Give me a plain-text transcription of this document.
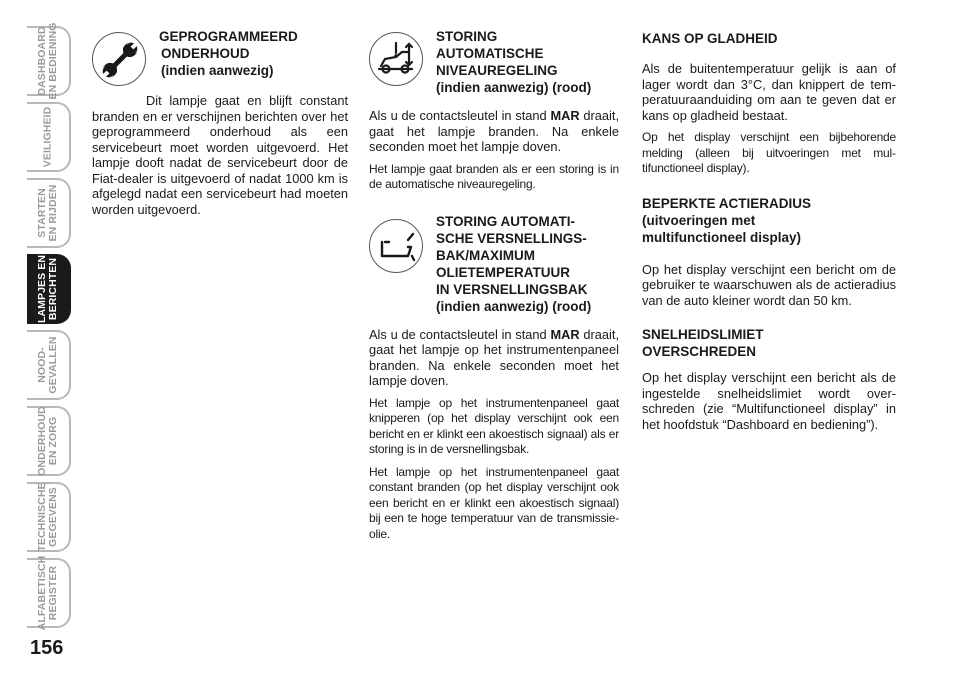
DASHBOARD
EN BEDIENING
VEILIGHEID
STARTEN
EN RIJDEN
LAMPJES EN
BERICHTEN
NOOD-
GEVALLEN
ONDERHOUD
EN ZORG
TECHNISCHE
GEGEVENS
ALFABETISCH
REGISTER
156
GEPROGRAMMEERD
ONDERHOUD
(indien aanwezig)

Dit lampje gaat en blijft constant branden en er verschijnen berichten over het geprogrammeerd onderhoud als een servicebeurt moet worden uitgevoerd. Het lampje dooft nadat de servicebeurt door de Fiat-dealer is uitgevoerd of nadat 1000 km is afgelegd nadat een servicebeurt had moeten worden uitgevoerd.

STORING
AUTOMATISCHE
NIVEAUREGELING
(indien aanwezig) (rood)

Als u de contactsleutel in stand MAR draait, gaat het lampje branden. Na enkele seconden moet het lampje doven.

Het lampje gaat branden als er een storing is in de automatische niveauregeling.

STORING AUTOMATI-
SCHE VERSNELLINGS-
BAK/MAXIMUM
OLIETEMPERATUUR
IN VERSNELLINGSBAK
(indien aanwezig) (rood)

Als u de contactsleutel in stand MAR draait, gaat het lampje op het instrumentenpaneel branden. Na enkele seconden moet het lampje doven.

Het lampje op het instrumentenpaneel gaat knipperen (op het display verschijnt ook een bericht en er klinkt een akoestisch signaal) als er storing is in de versnellingsbak.

Het lampje op het instrumentenpaneel gaat constant branden (op het display verschijnt ook een bericht en er klinkt een akoestisch signaal) bij een te hoge temperatuur van de transmissie-olie.

KANS OP GLADHEID

Als de buitentemperatuur gelijk is aan of lager wordt dan 3°C, dan knippert de temperatuuraanduiding om aan te geven dat er kans op gladheid bestaat.

Op het display verschijnt een bijbehorende melding (alleen bij uitvoeringen met multifunctioneel display).

BEPERKTE ACTIERADIUS
(uitvoeringen met
multifunctioneel display)

Op het display verschijnt een bericht om de gebruiker te waarschuwen als de actieradius van de auto kleiner wordt dan 50 km.

SNELHEIDSLIMIET
OVERSCHREDEN

Op het display verschijnt een bericht als de ingestelde snelheidslimiet wordt overschreden (zie “Multifunctioneel display” in het hoofdstuk “Dashboard en bediening”).
